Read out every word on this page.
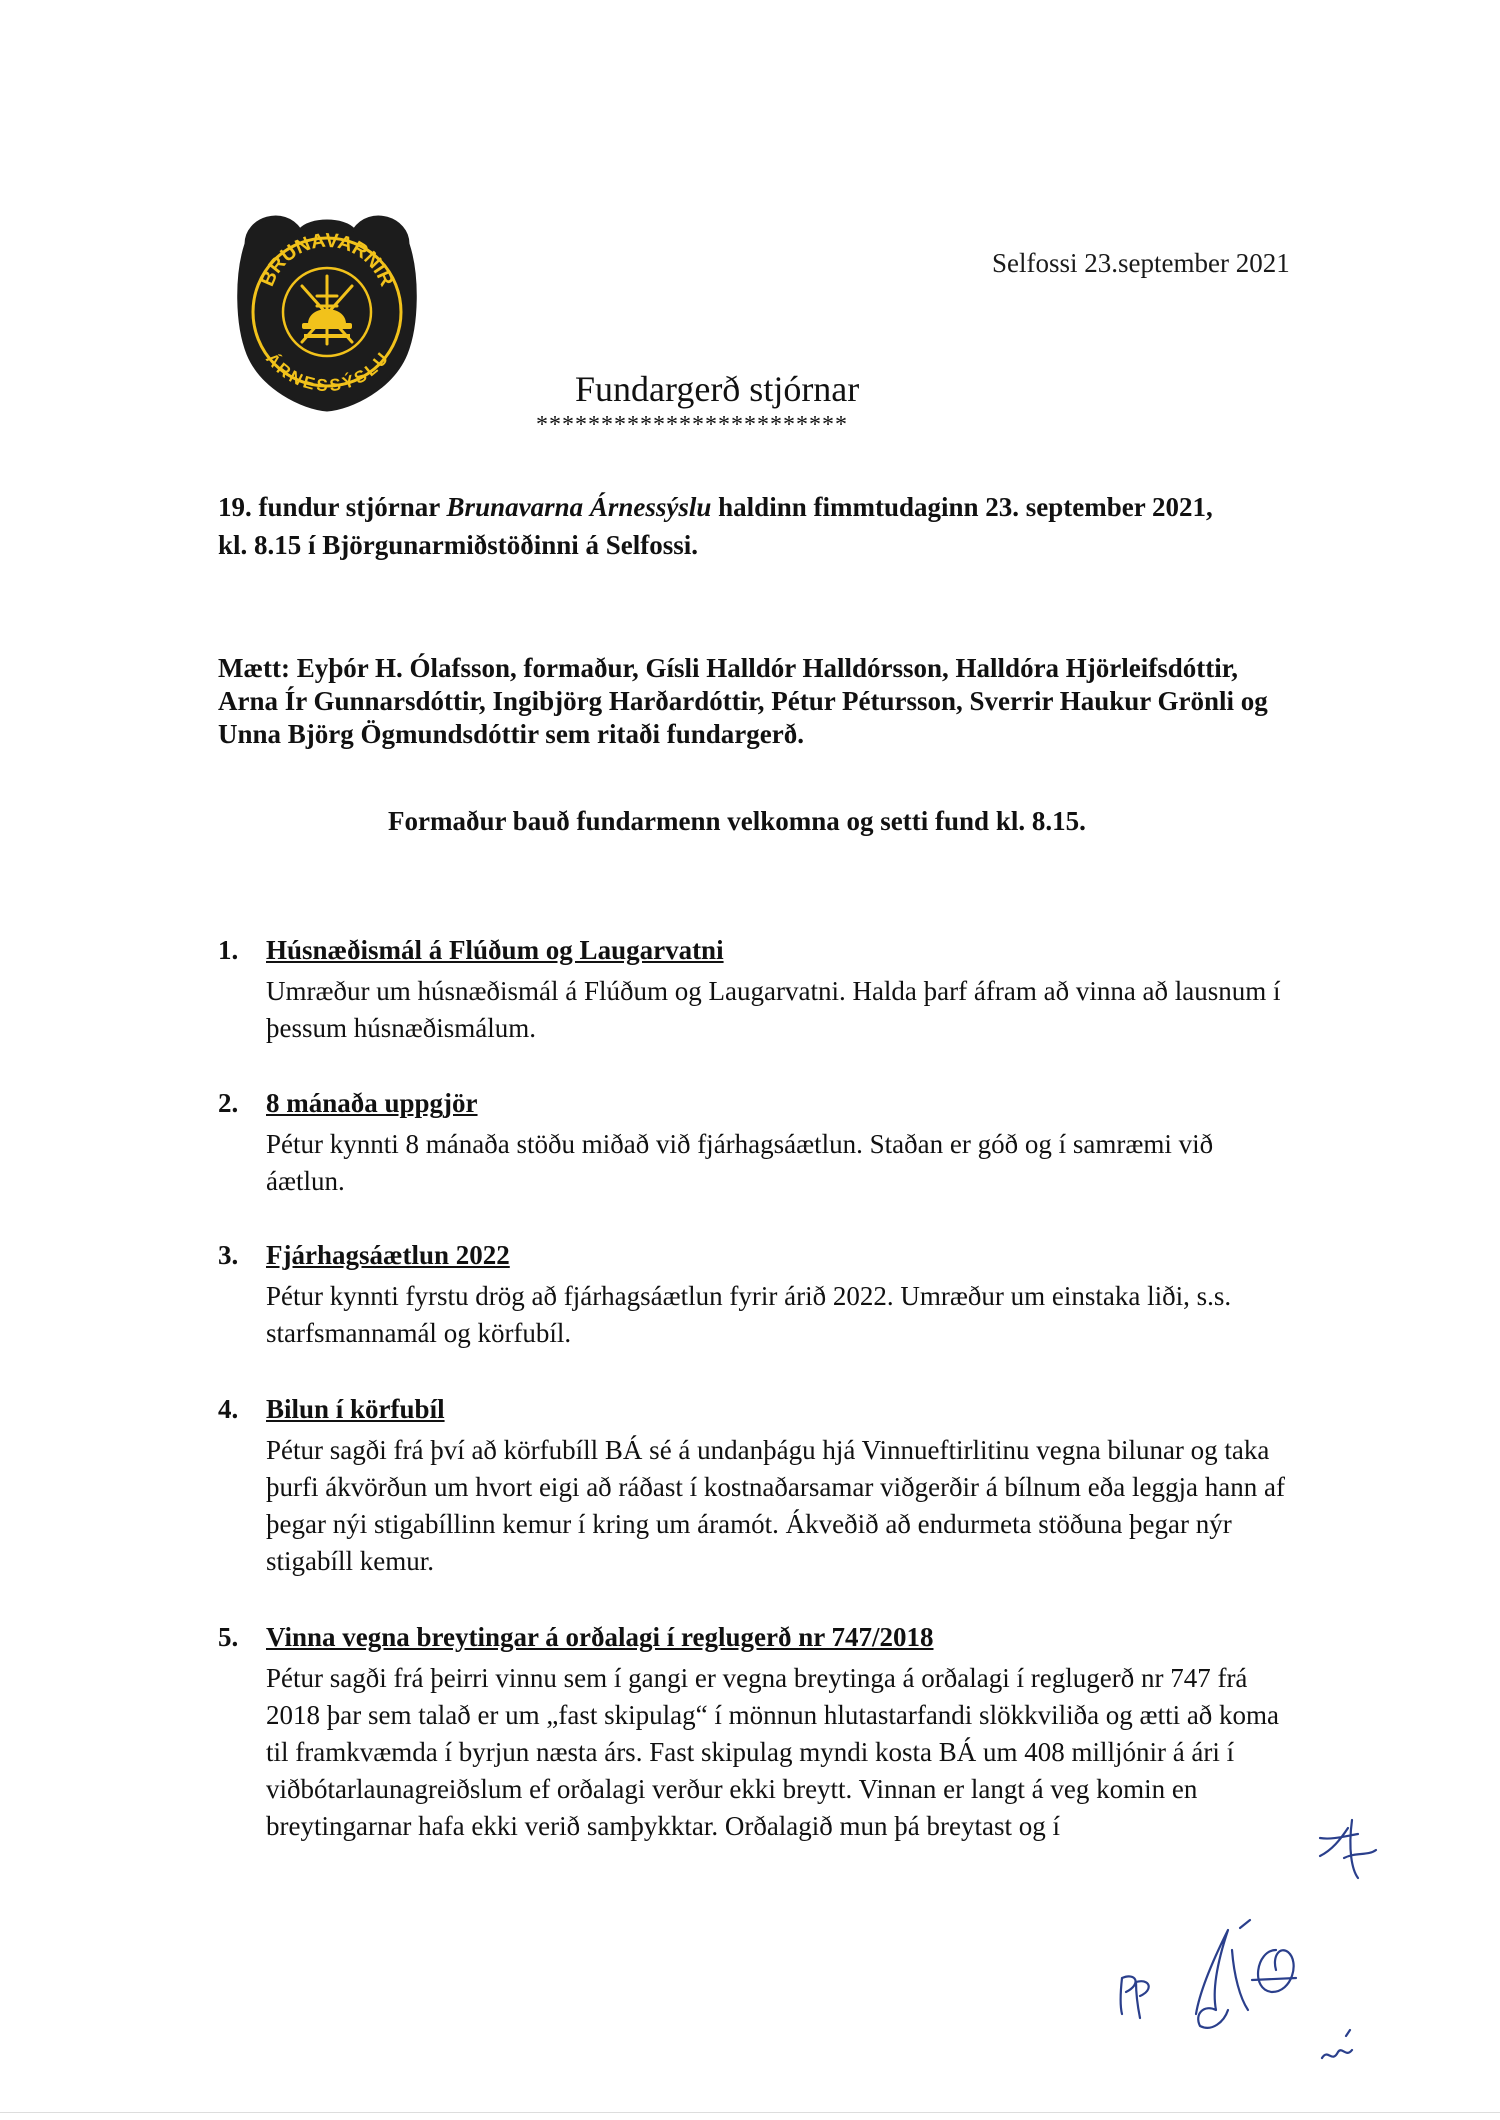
BRUNAVARNIR
ÁRNESSÝSLU
Selfossi 23.september 2021
Fundargerð stjórnar
************************

19. fundur stjórnar Brunavarna Árnessýslu haldinn fimmtudaginn 23. september 2021, kl. 8.15 í Björgunarmiðstöðinni á Selfossi.

Mætt: Eyþór H. Ólafsson, formaður, Gísli Halldór Halldórsson, Halldóra Hjörleifsdóttir, Arna Ír Gunnarsdóttir, Ingibjörg Harðardóttir, Pétur Pétursson, Sverrir Haukur Grönli og Unna Björg Ögmundsdóttir sem ritaði fundargerð.

Formaður bauð fundarmenn velkomna og setti fund kl. 8.15.

1. Húsnæðismál á Flúðum og Laugarvatni

Umræður um húsnæðismál á Flúðum og Laugarvatni. Halda þarf áfram að vinna að lausnum í þessum húsnæðismálum.

2. 8 mánaða uppgjör

Pétur kynnti 8 mánaða stöðu miðað við fjárhagsáætlun. Staðan er góð og í samræmi við áætlun.

3. Fjárhagsáætlun 2022

Pétur kynnti fyrstu drög að fjárhagsáætlun fyrir árið 2022. Umræður um einstaka liði, s.s. starfsmannamál og körfubíl.

4. Bilun í körfubíl

Pétur sagði frá því að körfubíll BÁ sé á undanþágu hjá Vinnueftirlitinu vegna bilunar og taka þurfi ákvörðun um hvort eigi að ráðast í kostnaðarsamar viðgerðir á bílnum eða leggja hann af þegar nýi stigabíllinn kemur í kring um áramót. Ákveðið að endurmeta stöðuna þegar nýr stigabíll kemur.

5. Vinna vegna breytingar á orðalagi í reglugerð nr 747/2018

Pétur sagði frá þeirri vinnu sem í gangi er vegna breytinga á orðalagi í reglugerð nr 747 frá 2018 þar sem talað er um „fast skipulag“ í mönnun hlutastarfandi slökkviliða og ætti að koma til framkvæmda í byrjun næsta árs. Fast skipulag myndi kosta BÁ um 408 milljónir á ári í viðbótarlaunagreiðslum ef orðalagi verður ekki breytt. Vinnan er langt á veg komin en breytingarnar hafa ekki verið samþykktar. Orðalagið mun þá breytast og í
